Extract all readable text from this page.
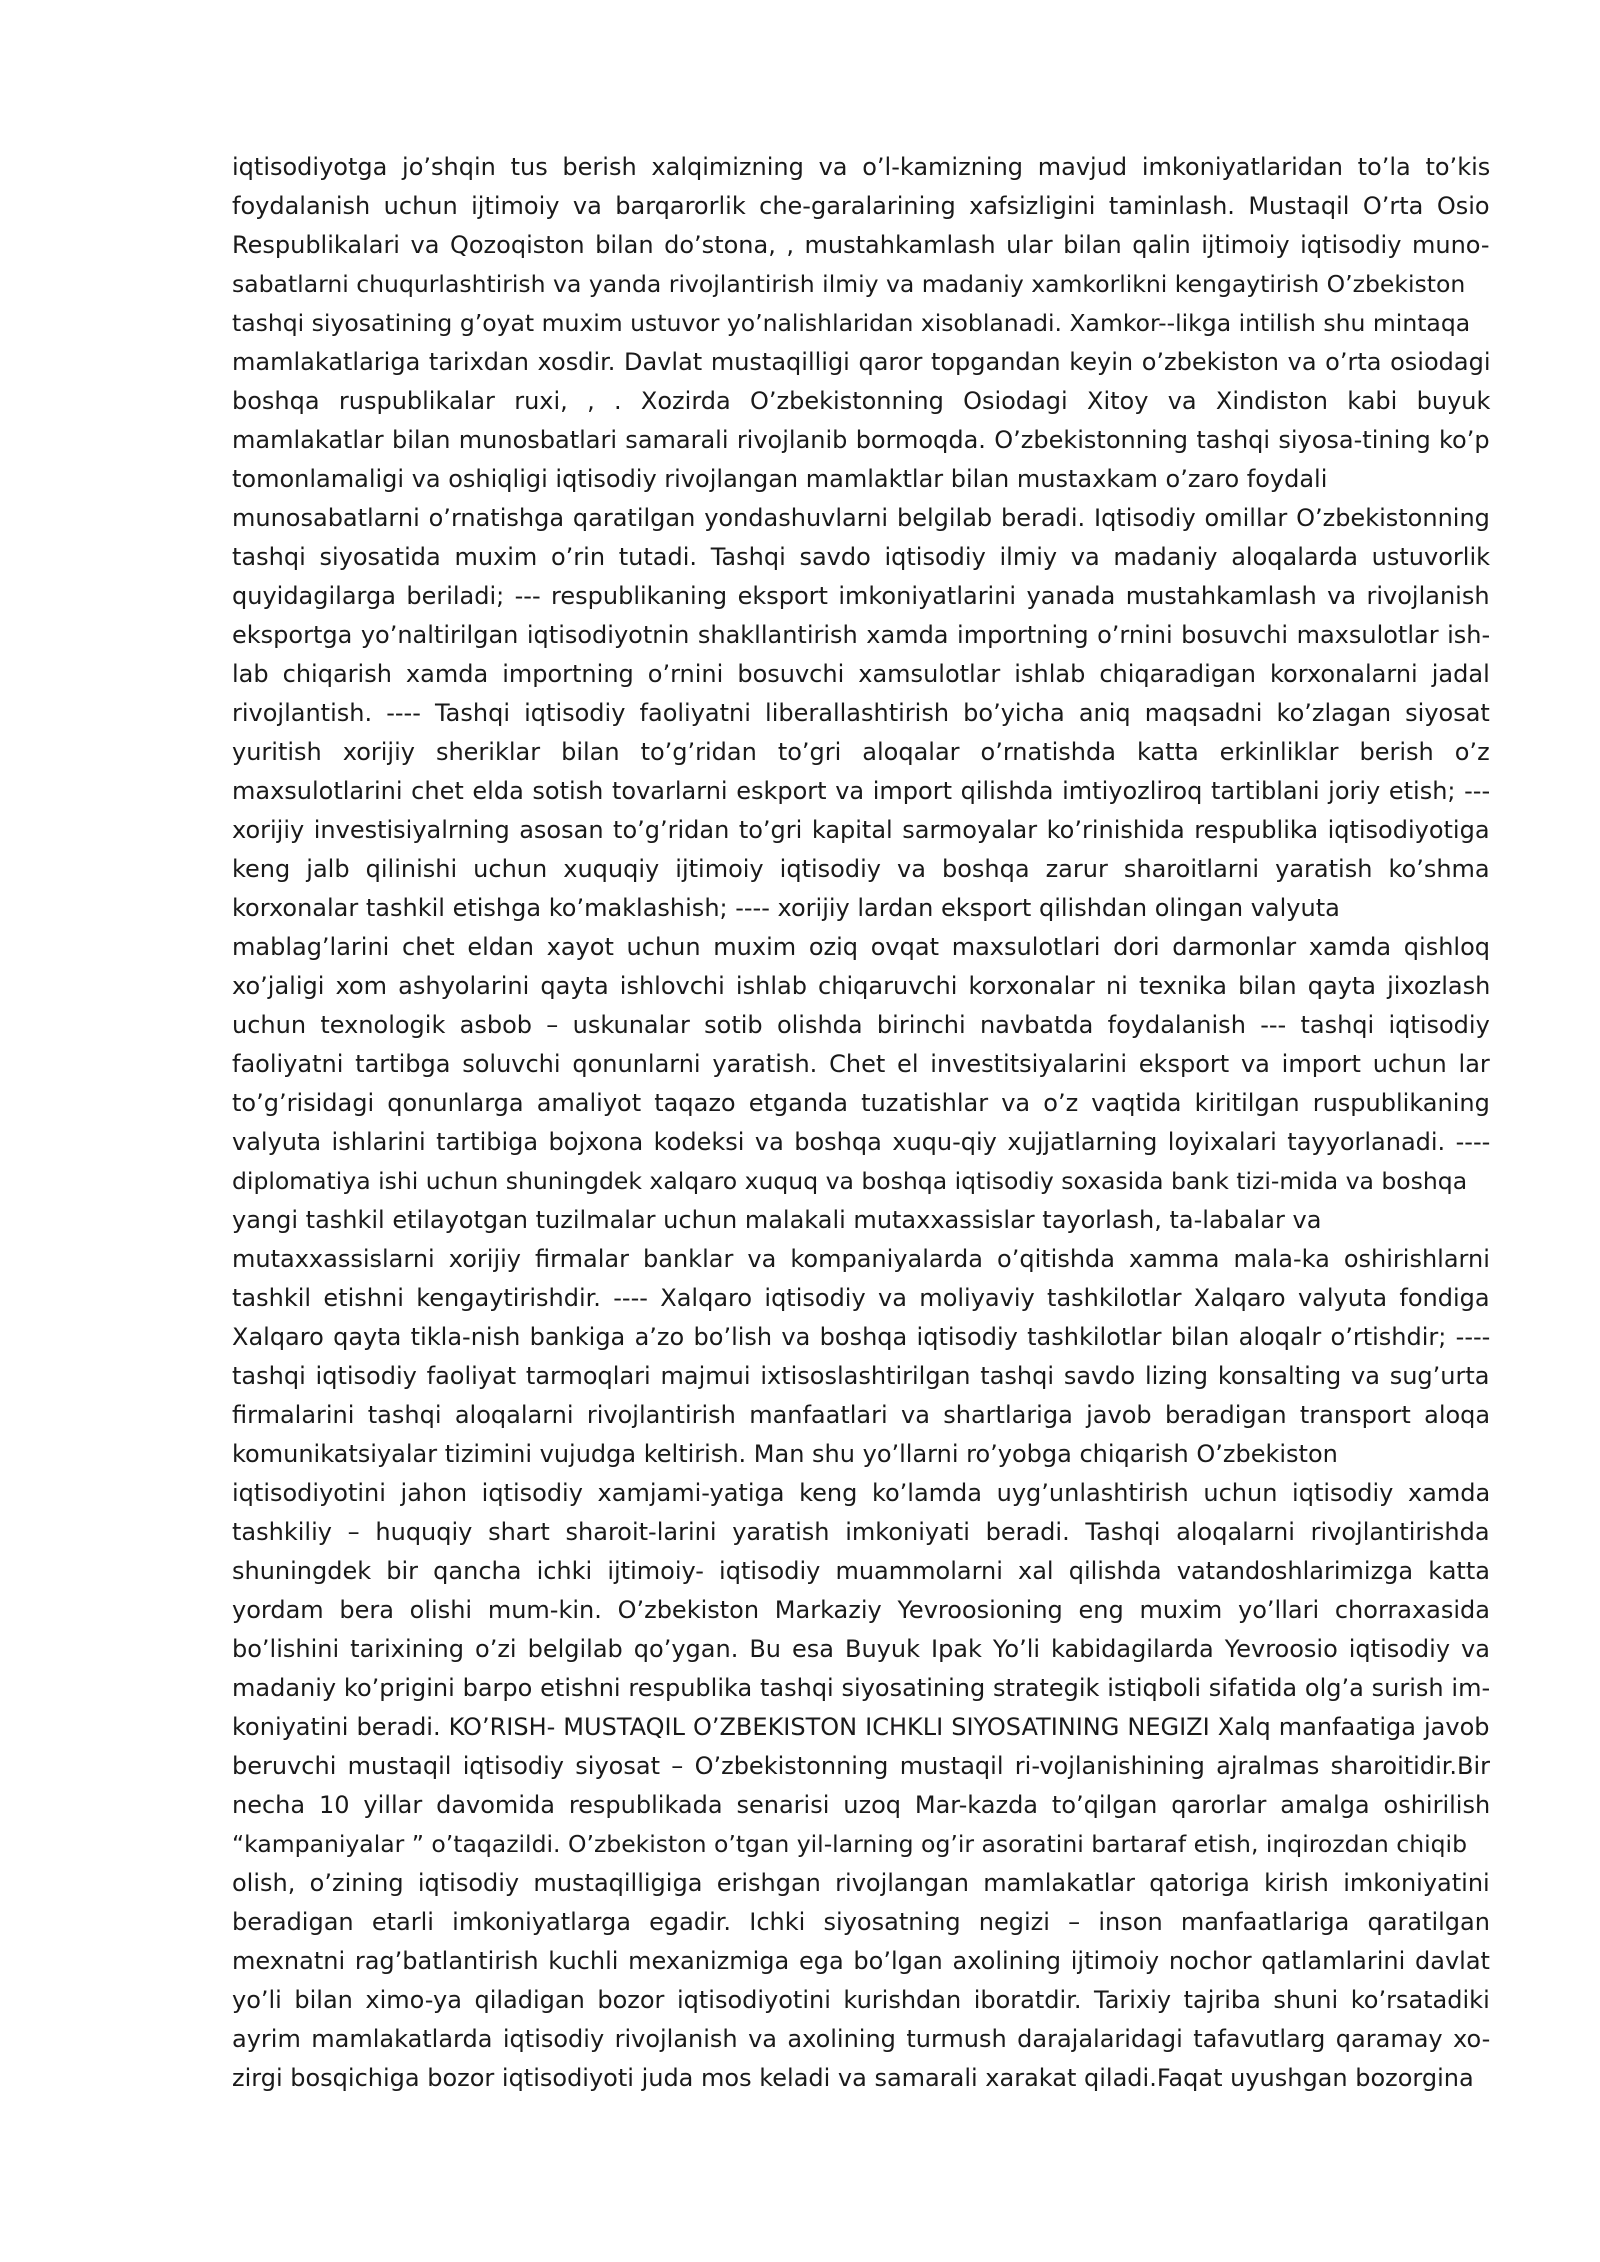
iqtisodiyotga jo’shqin tus berish xalqimizning va o’l-kamizning mavjud imkoniyatlaridan to’la to’kis
foydalanish uchun ijtimoiy va barqarorlik che-garalarining xafsizligini taminlash. Mustaqil O’rta Osio
Respublikalari va Qozoqiston bilan do’stona, , mustahkamlash ular bilan qalin ijtimoiy iqtisodiy muno-
sabatlarni chuqurlashtirish va yanda rivojlantirish ilmiy va madaniy xamkorlikni kengaytirish O’zbekiston
tashqi siyosatining g’oyat muxim ustuvor yo’nalishlaridan xisoblanadi. Xamkor--likga intilish shu mintaqa
mamlakatlariga tarixdan xosdir. Davlat mustaqilligi qaror topgandan keyin o’zbekiston va o’rta osiodagi
boshqa ruspublikalar ruxi, , . Xozirda O’zbekistonning Osiodagi Xitoy va Xindiston kabi buyuk
mamlakatlar bilan munosbatlari samarali rivojlanib bormoqda. O’zbekistonning tashqi siyosa-tining ko’p
tomonlamaligi va oshiqligi iqtisodiy rivojlangan mamlaktlar bilan mustaxkam o’zaro foydali
munosabatlarni o’rnatishga qaratilgan yondashuvlarni belgilab beradi. Iqtisodiy omillar O’zbekistonning
tashqi siyosatida muxim o’rin tutadi. Tashqi savdo iqtisodiy ilmiy va madaniy aloqalarda ustuvorlik
quyidagilarga beriladi; --- respublikaning eksport imkoniyatlarini yanada mustahkamlash va rivojlanish
eksportga yo’naltirilgan iqtisodiyotnin shakllantirish xamda importning o’rnini bosuvchi maxsulotlar ish-
lab chiqarish xamda importning o’rnini bosuvchi xamsulotlar ishlab chiqaradigan korxonalarni jadal
rivojlantish. ---- Tashqi iqtisodiy faoliyatni liberallashtirish bo’yicha aniq maqsadni ko’zlagan siyosat
yuritish xorijiy sheriklar bilan to’g’ridan to’gri aloqalar o’rnatishda katta erkinliklar berish o’z
maxsulotlarini chet elda sotish tovarlarni eskport va import qilishda imtiyozliroq tartiblani joriy etish; ---
xorijiy investisiyalrning asosan to’g’ridan to’gri kapital sarmoyalar ko’rinishida respublika iqtisodiyotiga
keng jalb qilinishi uchun xuquqiy ijtimoiy iqtisodiy va boshqa zarur sharoitlarni yaratish ko’shma
korxonalar tashkil etishga ko’maklashish; ---- xorijiy lardan eksport qilishdan olingan valyuta
mablag’larini chet eldan xayot uchun muxim oziq ovqat maxsulotlari dori darmonlar xamda qishloq
xo’jaligi xom ashyolarini qayta ishlovchi ishlab chiqaruvchi korxonalar ni texnika bilan qayta jixozlash
uchun texnologik asbob – uskunalar sotib olishda birinchi navbatda foydalanish --- tashqi iqtisodiy
faoliyatni tartibga soluvchi qonunlarni yaratish. Chet el investitsiyalarini eksport va import uchun lar
to’g’risidagi qonunlarga amaliyot taqazo etganda tuzatishlar va o’z vaqtida kiritilgan ruspublikaning
valyuta ishlarini tartibiga bojxona kodeksi va boshqa xuqu-qiy xujjatlarning loyixalari tayyorlanadi. ----
diplomatiya ishi uchun shuningdek xalqaro xuquq va boshqa iqtisodiy soxasida bank tizi-mida va boshqa
yangi tashkil etilayotgan tuzilmalar uchun malakali mutaxxassislar tayorlash, ta-labalar va
mutaxxassislarni xorijiy firmalar banklar va kompaniyalarda o’qitishda xamma mala-ka oshirishlarni
tashkil etishni kengaytirishdir. ---- Xalqaro iqtisodiy va moliyaviy tashkilotlar Xalqaro valyuta fondiga
Xalqaro qayta tikla-nish bankiga a’zo bo’lish va boshqa iqtisodiy tashkilotlar bilan aloqalr o’rtishdir; ----
tashqi iqtisodiy faoliyat tarmoqlari majmui ixtisoslashtirilgan tashqi savdo lizing konsalting va sug’urta
firmalarini tashqi aloqalarni rivojlantirish manfaatlari va shartlariga javob beradigan transport aloqa
komunikatsiyalar tizimini vujudga keltirish. Man shu yo’llarni ro’yobga chiqarish O’zbekiston
iqtisodiyotini jahon iqtisodiy xamjami-yatiga keng ko’lamda uyg’unlashtirish uchun iqtisodiy xamda
tashkiliy – huquqiy shart sharoit-larini yaratish imkoniyati beradi. Tashqi aloqalarni rivojlantirishda
shuningdek bir qancha ichki ijtimoiy- iqtisodiy muammolarni xal qilishda vatandoshlarimizga katta
yordam bera olishi mum-kin. O’zbekiston Markaziy Yevroosioning eng muxim yo’llari chorraxasida
bo’lishini tarixining o’zi belgilab qo’ygan. Bu esa Buyuk Ipak Yo’li kabidagilarda Yevroosio iqtisodiy va
madaniy ko’prigini barpo etishni respublika tashqi siyosatining strategik istiqboli sifatida olg’a surish im-
koniyatini beradi. KO’RISH- MUSTAQIL O’ZBEKISTON ICHKLI SIYOSATINING NEGIZI Xalq manfaatiga javob
beruvchi mustaqil iqtisodiy siyosat – O’zbekistonning mustaqil ri-vojlanishining ajralmas sharoitidir.Bir
necha 10 yillar davomida respublikada senarisi uzoq Mar-kazda to’qilgan qarorlar amalga oshirilish
“kampaniyalar ” o’taqazildi. O’zbekiston o’tgan yil-larning og’ir asoratini bartaraf etish, inqirozdan chiqib
olish, o’zining iqtisodiy mustaqilligiga erishgan rivojlangan mamlakatlar qatoriga kirish imkoniyatini
beradigan etarli imkoniyatlarga egadir. Ichki siyosatning negizi – inson manfaatlariga qaratilgan
mexnatni rag’batlantirish kuchli mexanizmiga ega bo’lgan axolining ijtimoiy nochor qatlamlarini davlat
yo’li bilan ximo-ya qiladigan bozor iqtisodiyotini kurishdan iboratdir. Tarixiy tajriba shuni ko’rsatadiki
ayrim mamlakatlarda iqtisodiy rivojlanish va axolining turmush darajalaridagi tafavutlarg qaramay xo-
zirgi bosqichiga bozor iqtisodiyoti juda mos keladi va samarali xarakat qiladi.Faqat uyushgan bozorgina
